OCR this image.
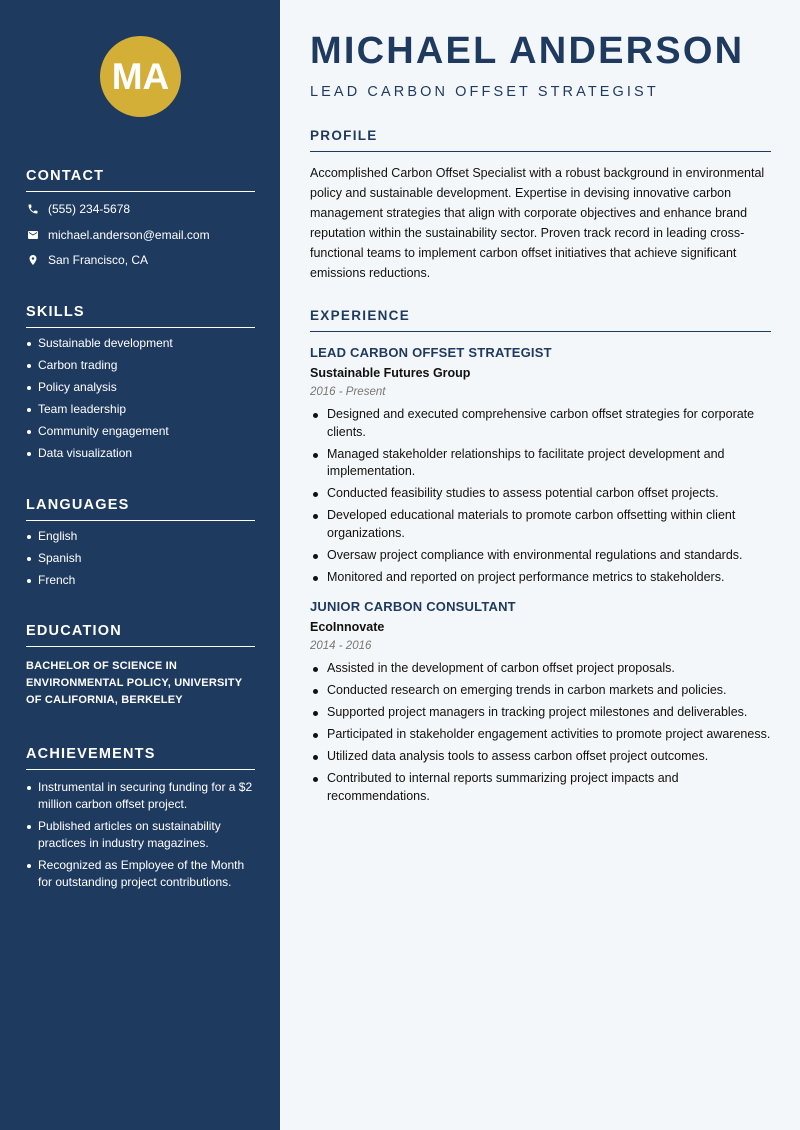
MA
CONTACT
(555) 234-5678
michael.anderson@email.com
San Francisco, CA
SKILLS
Sustainable development
Carbon trading
Policy analysis
Team leadership
Community engagement
Data visualization
LANGUAGES
English
Spanish
French
EDUCATION
BACHELOR OF SCIENCE IN ENVIRONMENTAL POLICY, UNIVERSITY OF CALIFORNIA, BERKELEY
ACHIEVEMENTS
Instrumental in securing funding for a $2 million carbon offset project.
Published articles on sustainability practices in industry magazines.
Recognized as Employee of the Month for outstanding project contributions.
MICHAEL ANDERSON
LEAD CARBON OFFSET STRATEGIST
PROFILE
Accomplished Carbon Offset Specialist with a robust background in environmental policy and sustainable development. Expertise in devising innovative carbon management strategies that align with corporate objectives and enhance brand reputation within the sustainability sector. Proven track record in leading cross-functional teams to implement carbon offset initiatives that achieve significant emissions reductions.
EXPERIENCE
LEAD CARBON OFFSET STRATEGIST
Sustainable Futures Group
2016 - Present
Designed and executed comprehensive carbon offset strategies for corporate clients.
Managed stakeholder relationships to facilitate project development and implementation.
Conducted feasibility studies to assess potential carbon offset projects.
Developed educational materials to promote carbon offsetting within client organizations.
Oversaw project compliance with environmental regulations and standards.
Monitored and reported on project performance metrics to stakeholders.
JUNIOR CARBON CONSULTANT
EcoInnovate
2014 - 2016
Assisted in the development of carbon offset project proposals.
Conducted research on emerging trends in carbon markets and policies.
Supported project managers in tracking project milestones and deliverables.
Participated in stakeholder engagement activities to promote project awareness.
Utilized data analysis tools to assess carbon offset project outcomes.
Contributed to internal reports summarizing project impacts and recommendations.
